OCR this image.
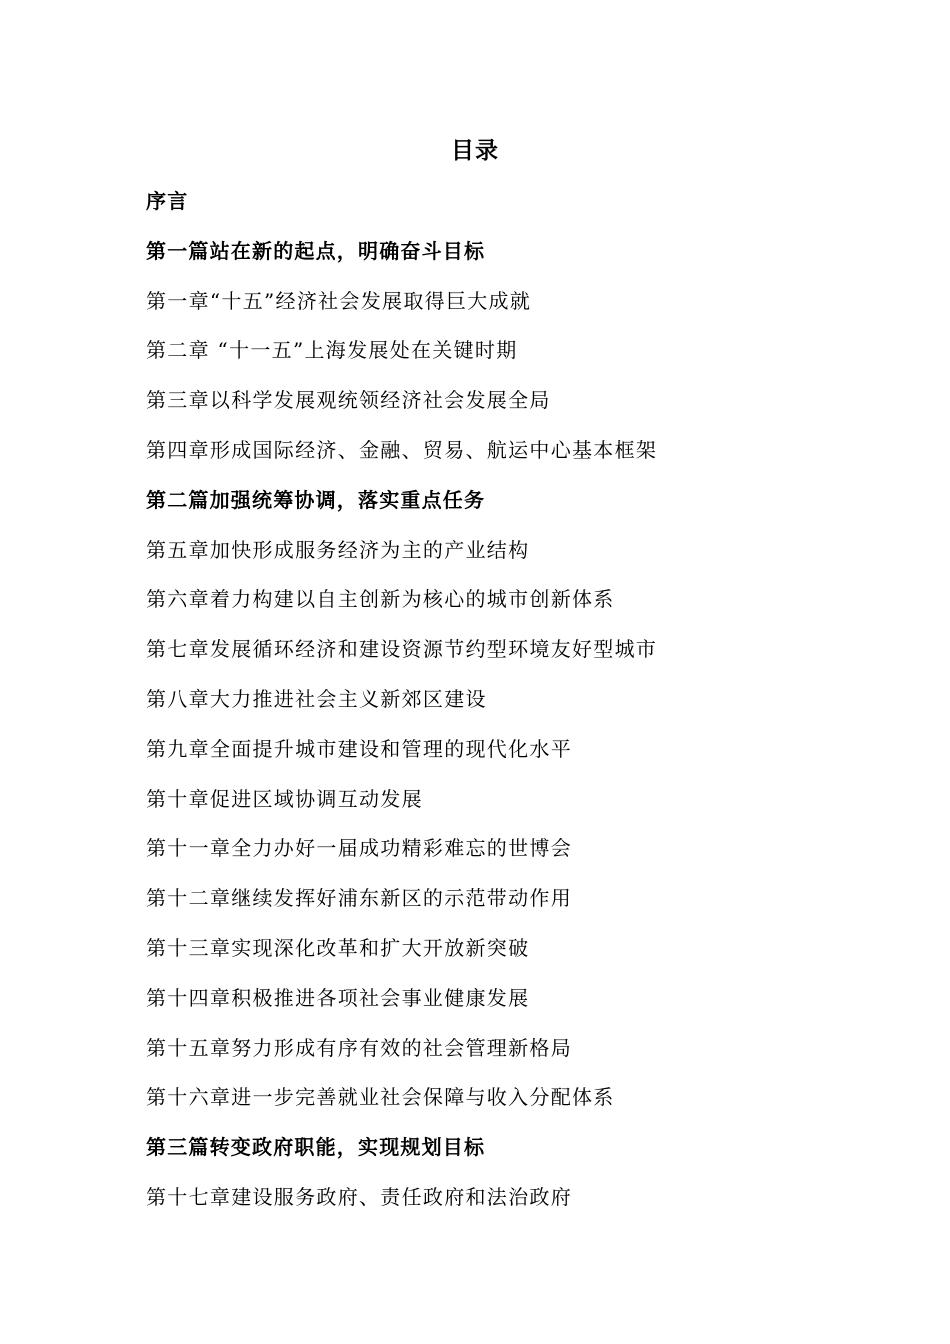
目录
序言
第一篇站在新的起点，明确奋斗目标
第一章“十五”经济社会发展取得巨大成就
第二章 “十一五”上海发展处在关键时期
第三章以科学发展观统领经济社会发展全局
第四章形成国际经济、金融、贸易、航运中心基本框架
第二篇加强统筹协调，落实重点任务
第五章加快形成服务经济为主的产业结构
第六章着力构建以自主创新为核心的城市创新体系
第七章发展循环经济和建设资源节约型环境友好型城市
第八章大力推进社会主义新郊区建设
第九章全面提升城市建设和管理的现代化水平
第十章促进区域协调互动发展
第十一章全力办好一届成功精彩难忘的世博会
第十二章继续发挥好浦东新区的示范带动作用
第十三章实现深化改革和扩大开放新突破
第十四章积极推进各项社会事业健康发展
第十五章努力形成有序有效的社会管理新格局
第十六章进一步完善就业社会保障与收入分配体系
第三篇转变政府职能，实现规划目标
第十七章建设服务政府、责任政府和法治政府
